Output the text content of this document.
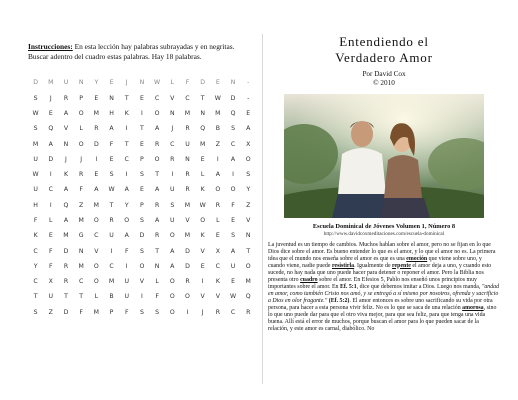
Instrucciones: En esta lección hay palabras subrayadas y en negritas. Buscar adentro del cuadro estas palabras. Hay 18 palabras.

D	M	U	N	Y	E	J	N	W	L	F	D	E	N	-
S	J	R	P	E	N	T	E	C	V	C	T	W	D	-
W	E	A	O	M	H	K	I	O	N	M	N	M	Q	E
S	Q	V	L	R	A	I	T	A	J	R	Q	B	S	A
M	A	N	O	D	F	T	E	R	C	U	M	Z	C	X
U	D	J	J	I	E	C	P	O	R	N	E	I	A	O
W	I	K	R	E	S	I	S	T	I	R	L	A	I	S
U	C	A	F	A	W	A	E	A	U	R	K	O	O	Y
H	I	Q	Z	M	T	Y	P	R	S	M	W	R	F	Z
F	L	A	M	O	R	O	S	A	U	V	O	L	E	V
K	E	M	G	C	U	A	D	R	O	M	K	E	S	N
C	F	D	N	V	I	F	S	T	A	D	V	X	A	T
Y	F	R	M	O	C	I	O	N	A	D	E	C	U	O
C	X	R	C	O	M	U	V	L	O	R	I	K	E	M
T	U	T	T	L	B	U	I	F	O	O	V	V	W	Q
S	Z	D	F	M	P	F	S	S	O	I	J	R	C	R

Entendiendo el
Verdadero Amor

Por David Cox
© 2010
Escuela Dominical de Jóvenes Volumen 1, Número 8
http://www.davidcoxmeditaciones.com/escuela-dominical

La juventud es un tiempo de cambios. Muchos hablan sobre el amor, pero no se fijan en lo que Dios dice sobre el amor. Es bueno entender lo que es el amor, y lo que el amor no es. La primera idea que el mundo nos enseña sobre el amor es que es una emoción que viene sobre uno, y cuando viene, nadie puede resistirla. Igualmente de repente el amor deja a uno, y cuando esto sucede, no hay nada que uno puede hacer para detener o reponer el amor. Pero la Biblia nos presenta otro cuadro sobre el amor. En Efesios 5, Pablo nos enseñó unos principios muy importantes sobre el amor. En Ef. 5:1, dice que debemos imitar a Dios. Luego nos manda, "andad en amor, como también Cristo nos amó, y se entregó a sí mismo por nosotros, ofrenda y sacrificio a Dios en olor fragante." (Ef. 5:2). El amor entonces es sobre uno sacrificando su vida por otra persona, para hacer a esta persona vivir feliz. No es lo que se saca de una relación amorosa, sino lo que uno puede dar para que el otro viva mejor, para que sea feliz, para que tenga una vida buena. Allí está el error de muchos, porque buscan el amor para lo que pueden sacar de la relación, y este amor es carnal, diabólico. No
